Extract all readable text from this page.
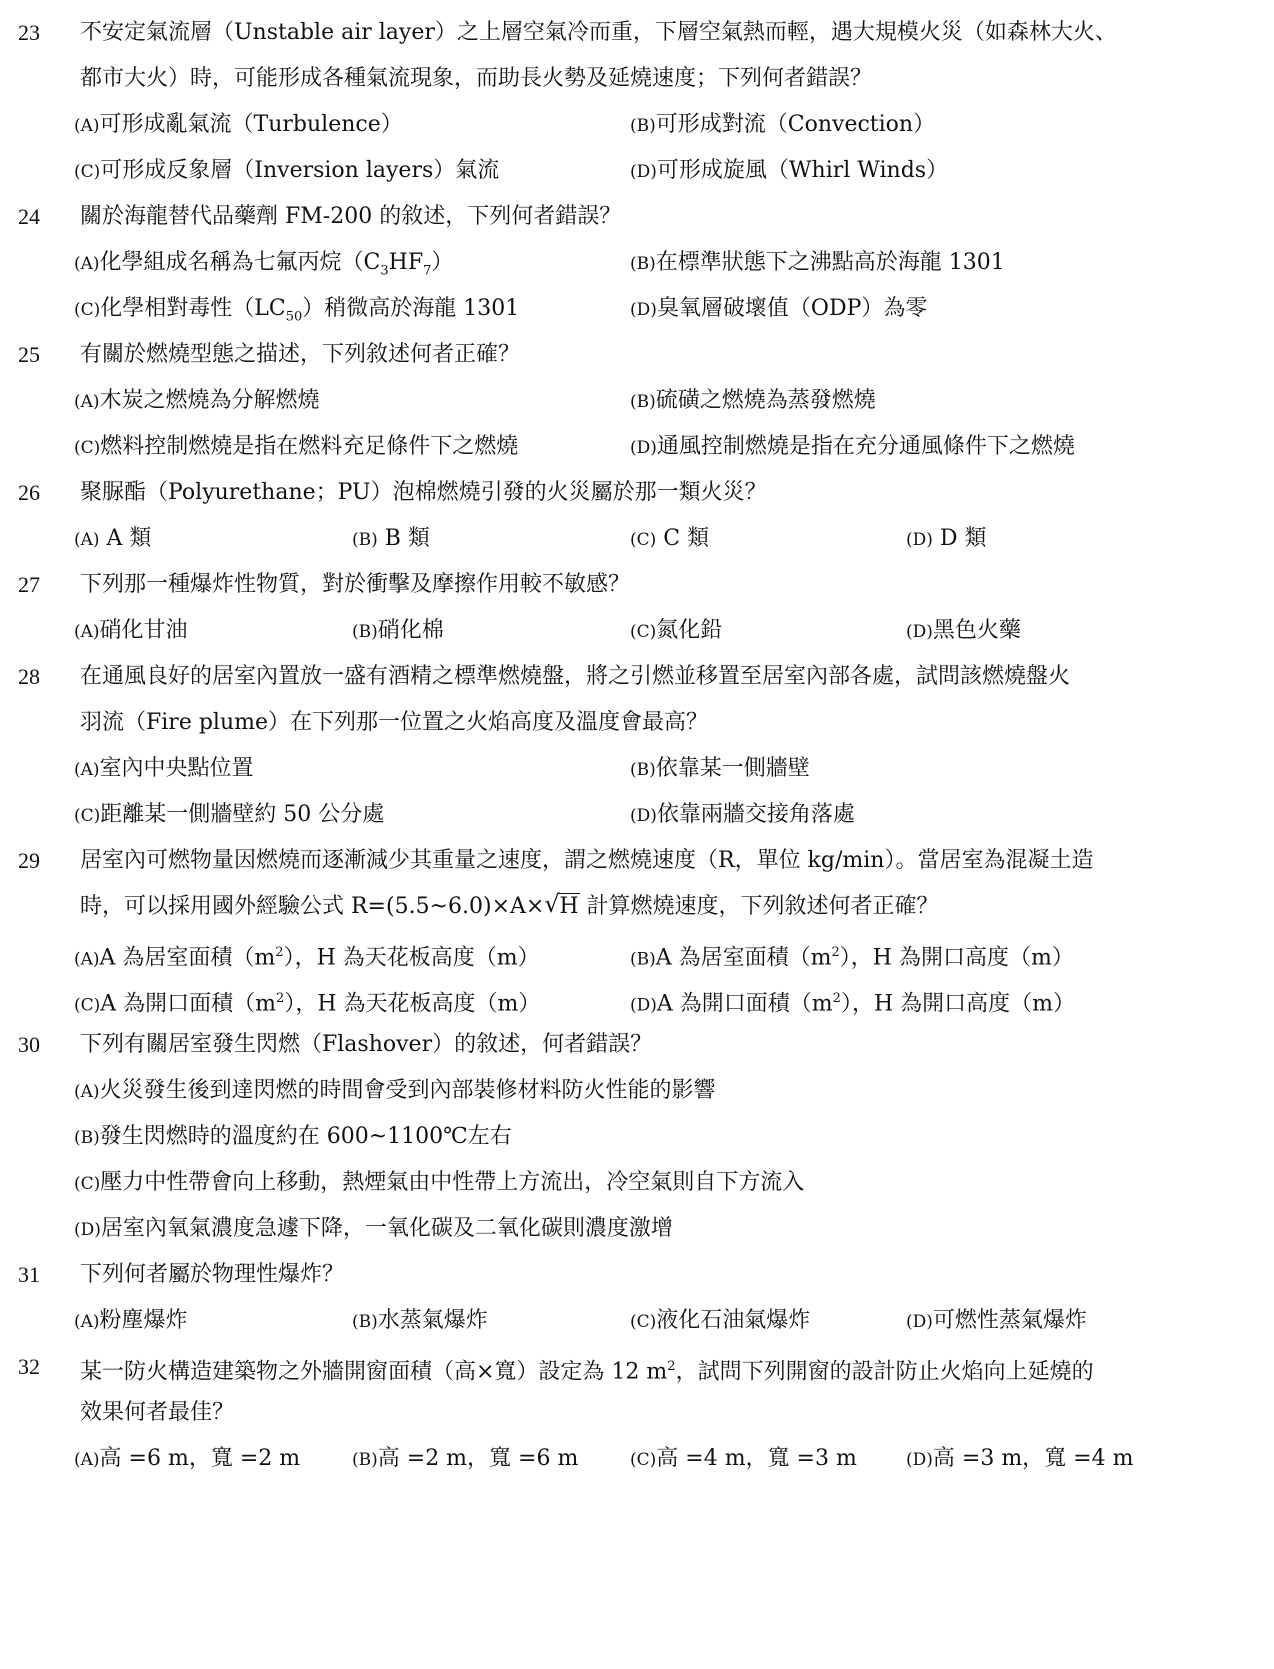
23 不安定氣流層（Unstable air layer）之上層空氣冷而重，下層空氣熱而輕，遇大規模火災（如森林大火、
都市大火）時，可能形成各種氣流現象，而助長火勢及延燒速度；下列何者錯誤？
(A)可形成亂氣流（Turbulence）	(B)可形成對流（Convection）
(C)可形成反象層（Inversion layers）氣流	(D)可形成旋風（Whirl Winds）
24 關於海龍替代品藥劑 FM-200 的敘述，下列何者錯誤？
(A)化學組成名稱為七氟丙烷$(C_3HF_7)$	(B)在標準狀態下之沸點高於海龍 1301
(C)化學相對毒性$(LC_{50})$稍微高於海龍 1301	(D)臭氧層破壞值（ODP）為零
25 有關於燃燒型態之描述，下列敘述何者正確？
(A)木炭之燃燒為分解燃燒	(B)硫磺之燃燒為蒸發燃燒
(C)燃料控制燃燒是指在燃料充足條件下之燃燒	(D)通風控制燃燒是指在充分通風條件下之燃燒
26 聚脲酯（Polyurethane；PU）泡棉燃燒引發的火災屬於那一類火災？
(A) A 類	(B) B 類	(C) C 類	(D) D 類
27 下列那一種爆炸性物質，對於衝擊及摩擦作用較不敏感？
(A)硝化甘油	(B)硝化棉	(C)氮化鉛	(D)黑色火藥
28 在通風良好的居室內置放一盛有酒精之標準燃燒盤，將之引燃並移置至居室內部各處，試問該燃燒盤火
羽流（Fire plume）在下列那一位置之火焰高度及溫度會最高？
(A)室內中央點位置	(B)依靠某一側牆壁
(C)距離某一側牆壁約 50 公分處	(D)依靠兩牆交接角落處
29 居室內可燃物量因燃燒而逐漸減少其重量之速度，謂之燃燒速度（R，單位 kg/min）。當居室為混凝土造
時，可以採用國外經驗公式 R=(5.5~6.0)×A×√ H 計算燃燒速度，下列敘述何者正確？
(A)A 為居室面積$(m^2)$，H 為天花板高度（m）	(B)A 為居室面積$(m^2)$，H 為開口高度（m）
(C)A 為開口面積$(m^2)$，H 為天花板高度（m）	(D)A 為開口面積$(m^2)$，H 為開口高度（m）
30 下列有關居室發生閃燃（Flashover）的敘述，何者錯誤？
(A)火災發生後到達閃燃的時間會受到內部裝修材料防火性能的影響
(B)發生閃燃時的溫度約在 600~1100℃左右
(C)壓力中性帶會向上移動，熱煙氣由中性帶上方流出，冷空氣則自下方流入
(D)居室內氧氣濃度急遽下降，一氧化碳及二氧化碳則濃度激增
31 下列何者屬於物理性爆炸？
(A)粉塵爆炸	(B)水蒸氣爆炸	(C)液化石油氣爆炸	(D)可燃性蒸氣爆炸
32 某一防火構造建築物之外牆開窗面積（高×寬）設定為 12 $m^2$，試問下列開窗的設計防止火焰向上延燒的
效果何者最佳？
(A)高 =6 m，寬 =2 m	(B)高 =2 m，寬 =6 m	(C)高 =4 m，寬 =3 m	(D)高 =3 m，寬 =4 m
